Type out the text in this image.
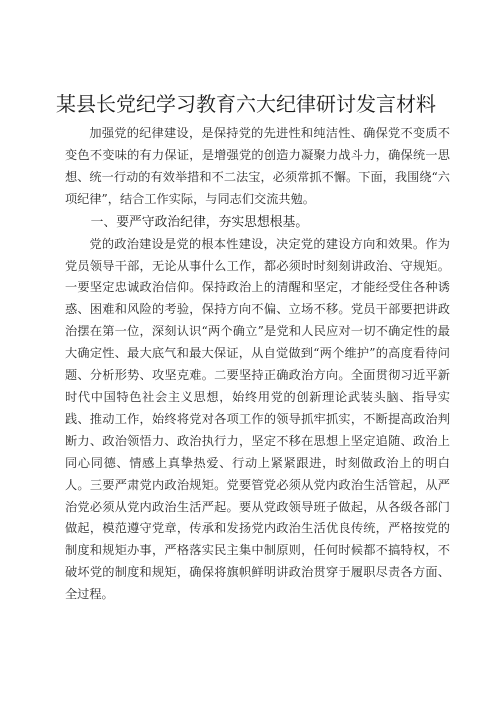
某县长党纪学习教育六大纪律研讨发言材料

加强党的纪律建设，是保持党的先进性和纯洁性、确保党不变质不变色不变味的有力保证，是增强党的创造力凝聚力战斗力，确保统一思想、统一行动的有效举措和不二法宝，必须常抓不懈。下面，我围绕“六项纪律”，结合工作实际，与同志们交流共勉。

一、要严守政治纪律，夯实思想根基。

党的政治建设是党的根本性建设，决定党的建设方向和效果。作为党员领导干部，无论从事什么工作，都必须时时刻刻讲政治、守规矩。一要坚定忠诚政治信仰。保持政治上的清醒和坚定，才能经受住各种诱惑、困难和风险的考验，保持方向不偏、立场不移。党员干部要把讲政治摆在第一位，深刻认识“两个确立”是党和人民应对一切不确定性的最大确定性、最大底气和最大保证，从自觉做到“两个维护”的高度看待问题、分析形势、攻坚克难。二要坚持正确政治方向。全面贯彻习近平新时代中国特色社会主义思想，始终用党的创新理论武装头脑、指导实践、推动工作，始终将党对各项工作的领导抓牢抓实，不断提高政治判断力、政治领悟力、政治执行力，坚定不移在思想上坚定追随、政治上同心同德、情感上真挚热爱、行动上紧紧跟进，时刻做政治上的明白人。三要严肃党内政治规矩。党要管党必须从党内政治生活管起，从严治党必须从党内政治生活严起。要从党政领导班子做起，从各级各部门做起，模范遵守党章，传承和发扬党内政治生活优良传统，严格按党的制度和规矩办事，严格落实民主集中制原则，任何时候都不搞特权，不破坏党的制度和规矩，确保将旗帜鲜明讲政治贯穿于履职尽责各方面、全过程。
